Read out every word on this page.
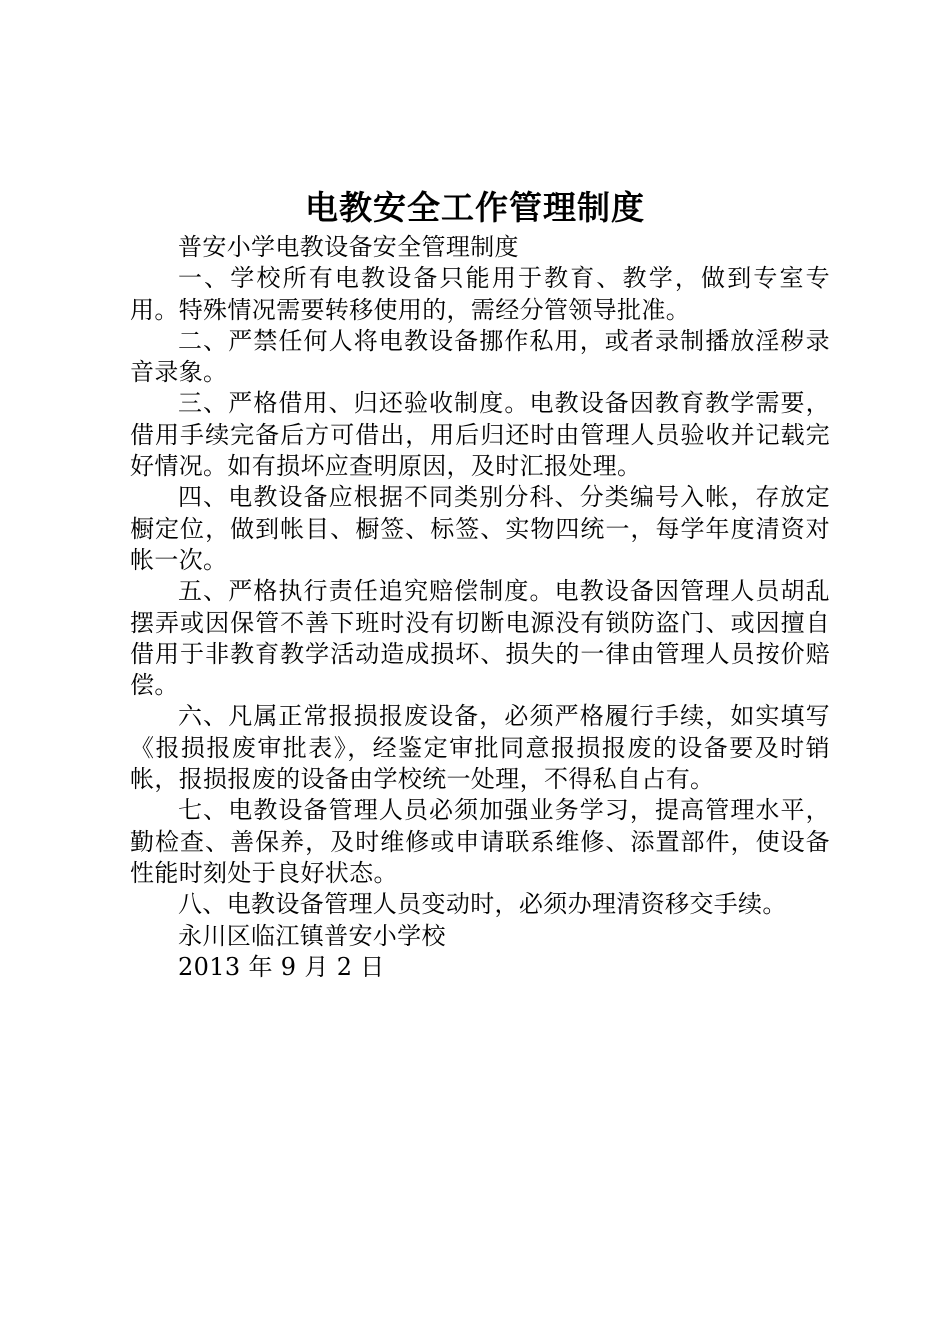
电教安全工作管理制度

普安小学电教设备安全管理制度

一、学校所有电教设备只能用于教育、教学，做到专室专用。特殊情况需要转移使用的，需经分管领导批准。

二、严禁任何人将电教设备挪作私用，或者录制播放淫秽录音录象。

三、严格借用、归还验收制度。电教设备因教育教学需要，借用手续完备后方可借出，用后归还时由管理人员验收并记载完好情况。如有损坏应查明原因，及时汇报处理。

四、电教设备应根据不同类别分科、分类编号入帐，存放定橱定位，做到帐目、橱签、标签、实物四统一，每学年度清资对帐一次。

五、严格执行责任追究赔偿制度。电教设备因管理人员胡乱摆弄或因保管不善下班时没有切断电源没有锁防盗门、或因擅自借用于非教育教学活动造成损坏、损失的一律由管理人员按价赔偿。

六、凡属正常报损报废设备，必须严格履行手续，如实填写《报损报废审批表》，经鉴定审批同意报损报废的设备要及时销帐，报损报废的设备由学校统一处理，不得私自占有。

七、电教设备管理人员必须加强业务学习，提高管理水平，勤检查、善保养，及时维修或申请联系维修、添置部件，使设备性能时刻处于良好状态。

八、电教设备管理人员变动时，必须办理清资移交手续。

永川区临江镇普安小学校

2013 年 9 月 2 日
